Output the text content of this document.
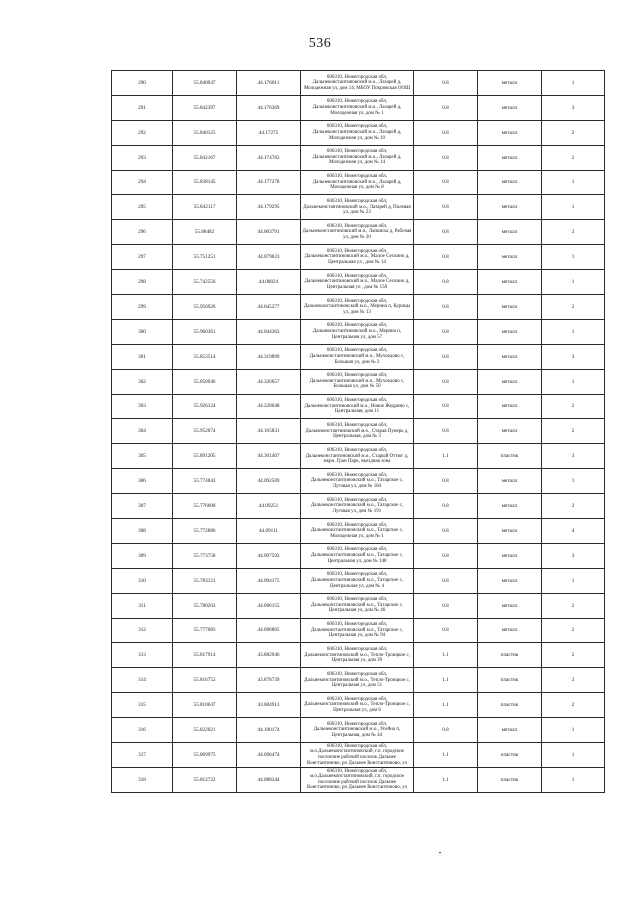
536
290	55.840947	44.176011	606310, Нижегородская обл, Дальнеконстантиновский м.о., Лазарей д, Молодежная ул, дом 14, МБОУ Покровская ООШ	0.8	металл	1
291	55.842397	44.176369	606310, Нижегородская обл, Дальнеконстантиновский м.о., Лазарей д, Молодежная ул, дом № 1	0.8	металл	3
292	55.840125	44.17275	606310, Нижегородская обл, Дальнеконстантиновский м.о., Лазарей д, Молодежная ул, дом № 10	0.8	металл	2
293	55.842167	44.174783	606310, Нижегородская обл, Дальнеконстантиновский м.о., Лазарей д, Молодежная ул, дом № 14	0.8	металл	2
294	55.838145	44.177278	606310, Нижегородская обл, Дальнеконстантиновский м.о., Лазарей д, Молодежная ул, дом № 8	0.8	металл	1
295	55.842117	44.179295	606310, Нижегородская обл, Дальнеконстантиновский м.о., Лазарей д, Полевая ул, дом № 23	0.8	металл	1
296	55.88482	44.003791	606310, Нижегородская обл, Дальнеконстантиновский м.о., Лапшиха д, Рабочая ул, дом № 20	0.8	металл	2
297	55.751251	44.079023	606310, Нижегородская обл, Дальнеконстантиновский м.о., Малое Сескино д, Центральная ул , дом № 14	0.8	металл	1
298	55.742556	44.08024	606310, Нижегородская обл, Дальнеконстантиновский м.о., Малое Сескино д, Центральная ул , дом № 150	0.8	металл	1
299	55.956926	44.045277	606310, Нижегородская обл, Дальнеконстантиновский м.о., Мерина п, Курицы ул, дом № 13	0.8	металл	2
300	55.960361	44.044363	606310, Нижегородская обл, Дальнеконстантиновский м.о., Мерина п, Центральная ул, дом 57	0.8	металл	1
301	55.853514	44.319899	606310, Нижегородская обл, Дальнеконстантиновский м.о., Мухоедово с, Большая ул, дом № 2	0.8	металл	3
302	55.850946	44.326657	606310, Нижегородская обл, Дальнеконстантиновский м.о., Мухоедово с, Большая ул, дом № 50	0.8	металл	1
303	55.926124	44.228048	606310, Нижегородская обл, Дальнеконстантиновский м.о., Новое Жедрино с, Центральная, дом 11	0.8	металл	2
304	55.952074	44.165831	606310, Нижегородская обл, Дальнеконстантиновский м.о., Старая Пунерь д, Центральная, дом № 3	0.8	металл	2
305	55.891205	44.301407	606310, Нижегородская обл, Дальнеконстантиновский м.о., Старый Оттюг д, мкрн. Гран Парк, въездная зона	1.1	пластик	3
306	55.774843	44.092569	606310, Нижегородская обл, Дальнеконстантиновский м.о., Татарское с, Луговая ул, дом № 184	0.8	металл	1
307	55.776608	44.09251	606310, Нижегородская обл, Дальнеконстантиновский м.о., Татарское с, Луговая ул, дом № 191	0.8	металл	2
308	55.772886	44.09111	606310, Нижегородская обл, Дальнеконстантиновский м.о., Татарское с, Молодежная ул, дом № 1	0.8	металл	4
309	55.773758	44.097592	606310, Нижегородская обл, Дальнеконстантиновский м.о., Татарское с, Центральная ул, дом № 148	0.8	металл	3
310	55.783121	44.094175	606310, Нижегородская обл, Дальнеконстантиновский м.о., Татарское с, Центральная ул, дом № 4	0.8	металл	1
311	55.780203	44.096155	606310, Нижегородская обл, Дальнеконстантиновский м.о., Татарское с, Центральная ул, дом № 46	0.8	металл	2
312	55.777083	44.096805	606310, Нижегородская обл, Дальнеконстантиновский м.о., Татарское с, Центральная ул, дом № 94	0.8	металл	2
313	55.817914	43.882946	606310, Нижегородская обл, Дальнеконстантиновский м.о., Тепло-Троицкое с, Центральная ул, дом 39	1.1	пластик	2
314	55.816752	43.878739	606310, Нижегородская обл, Дальнеконстантиновский м.о., Тепло-Троицкое с, Центральная ул, дом 51	1.1	пластик	2
315	55.810647	43.884913	606310, Нижегородская обл, Дальнеконстантиновский м.о., Тепло-Троицкое с, Центральная ул, дом 6	1.1	пластик	2
316	55.822021	44.100174	606310, Нижегородская обл, Дальнеконстантиновский м.о., Усейна п, Центральная, дом № 44	0.8	металл	1
317	55.809975	44.096474	606310, Нижегородская обл, м.о.Дальнеконстантиновский, г.п. городское поселение рабочий поселок Дальнее Константиново, рп Дальнее Константиново, ул	1.1	пластик	1
318	55.812722	44.088344	606310, Нижегородская обл, м.о.Дальнеконстантиновский, г.п. городское поселение рабочий поселок Дальнее Константиново, рп Дальнее Константиново, ул	1.1	пластик	1
